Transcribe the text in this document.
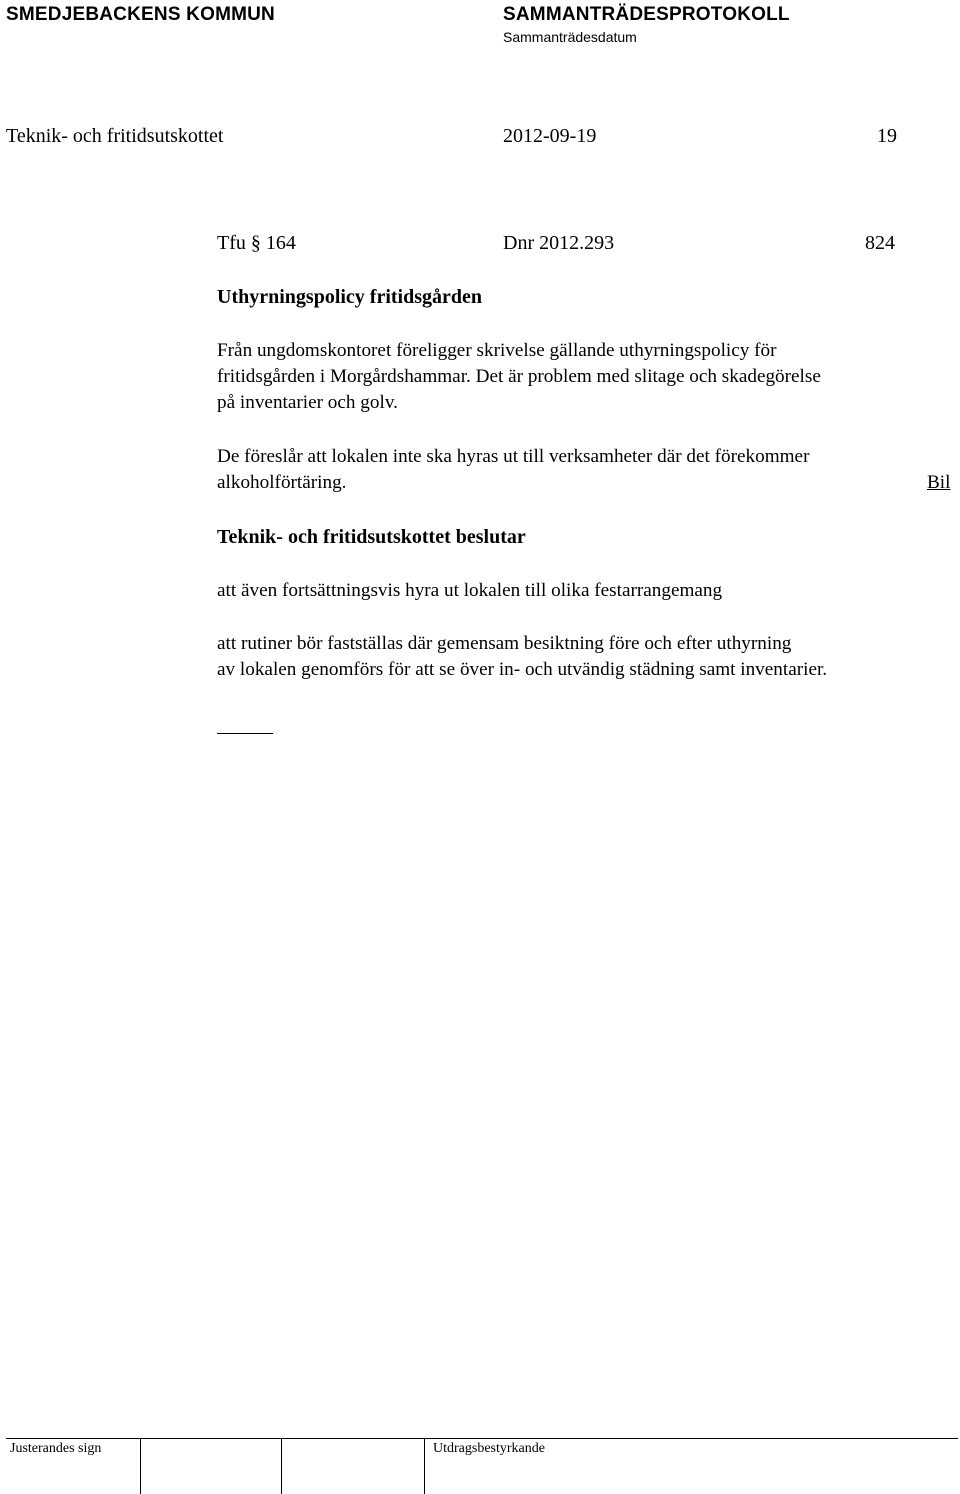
SMEDJEBACKENS KOMMUN	SAMMANTRÄDESPROTOKOLL
Sammanträdesdatum
Teknik- och fritidsutskottet	2012-09-19	19
Tfu § 164	Dnr 2012.293	824
Uthyrningspolicy fritidsgården
Från ungdomskontoret föreligger skrivelse gällande uthyrningspolicy för
fritidsgården i Morgårdshammar. Det är problem med slitage och skadegörelse
på inventarier och golv.
De föreslår att lokalen inte ska hyras ut till verksamheter där det förekommer
alkoholförtäring.	Bil
Teknik- och fritidsutskottet beslutar
att även fortsättningsvis hyra ut lokalen till olika festarrangemang
att rutiner bör fastställas där gemensam besiktning före och efter uthyrning
av lokalen genomförs för att se över in- och utvändig städning samt inventarier.
Justerandes sign	Utdragsbestyrkande
